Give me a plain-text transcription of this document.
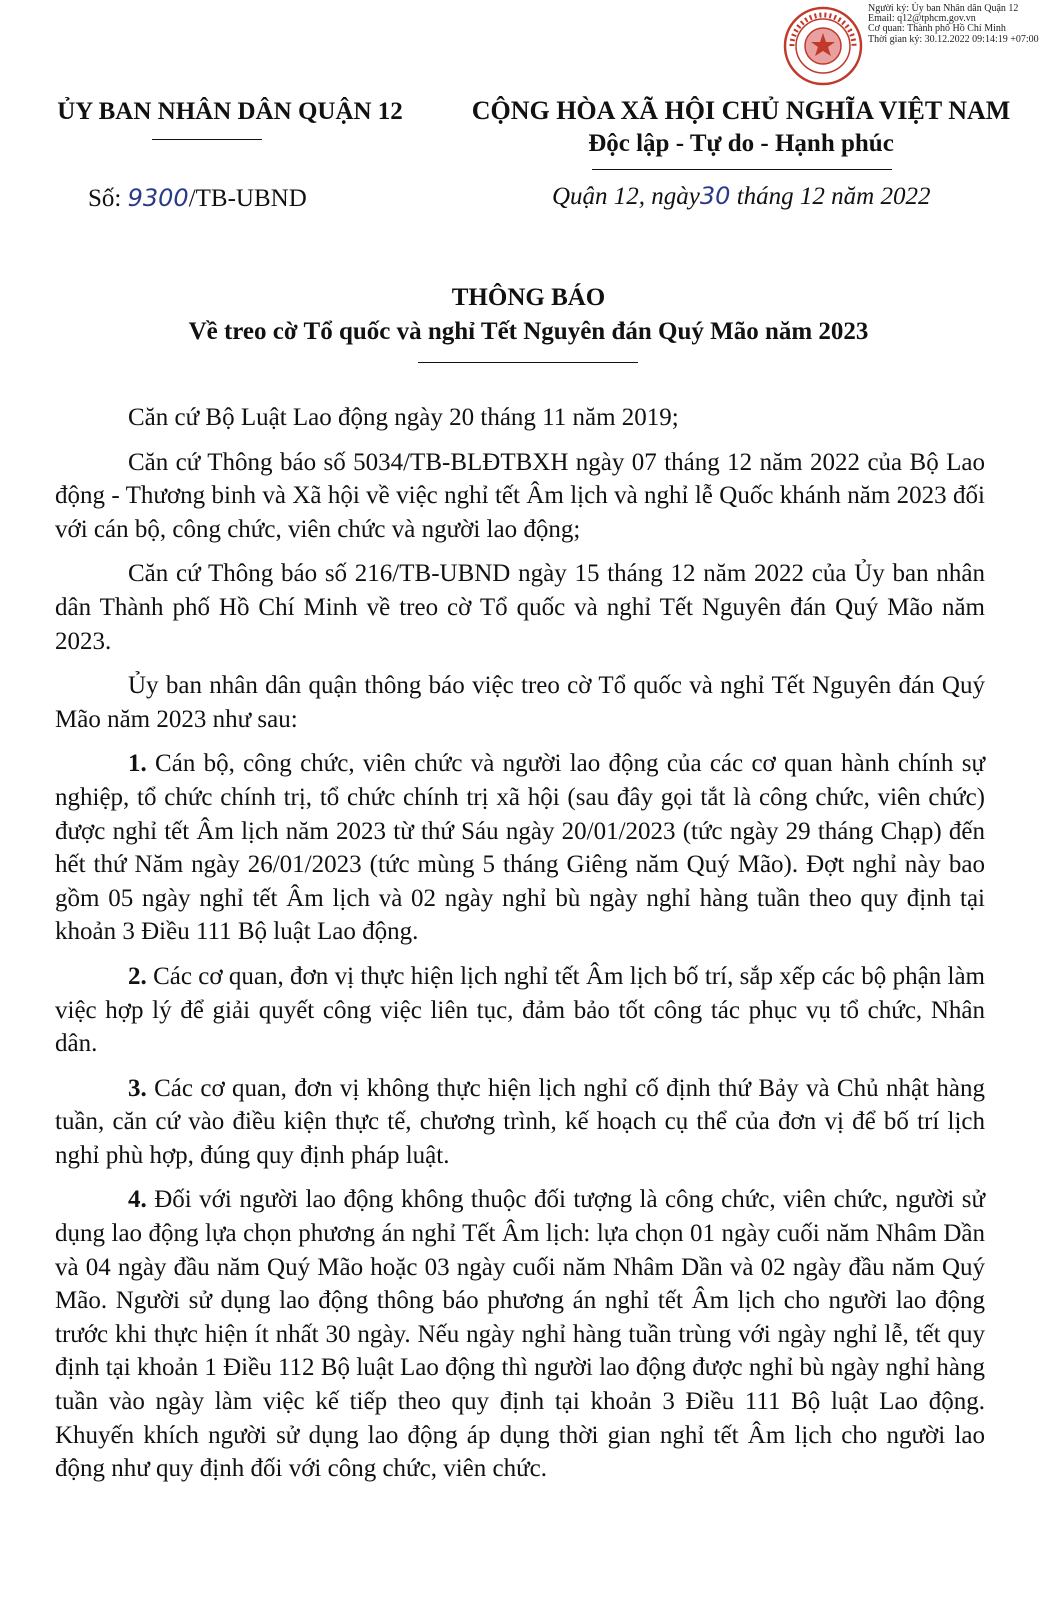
Người ký: Ủy ban Nhân dân Quận 12
Email: q12@tphcm.gov.vn
Cơ quan: Thành phố Hồ Chí Minh
Thời gian ký: 30.12.2022 09:14:19 +07:00
ỦY BAN NHÂN DÂN QUẬN 12	CỘNG HÒA XÃ HỘI CHỦ NGHĨA VIỆT NAM
Độc lập - Tự do - Hạnh phúc
Số: 9300/TB-UBND	Quận 12, ngày30 tháng 12 năm 2022
THÔNG BÁO
Về treo cờ Tổ quốc và nghỉ Tết Nguyên đán Quý Mão năm 2023

Căn cứ Bộ Luật Lao động ngày 20 tháng 11 năm 2019;

Căn cứ Thông báo số 5034/TB-BLĐTBXH ngày 07 tháng 12 năm 2022 của Bộ Lao động - Thương binh và Xã hội về việc nghỉ tết Âm lịch và nghỉ lễ Quốc khánh năm 2023 đối với cán bộ, công chức, viên chức và người lao động;

Căn cứ Thông báo số 216/TB-UBND ngày 15 tháng 12 năm 2022 của Ủy ban nhân dân Thành phố Hồ Chí Minh về treo cờ Tổ quốc và nghỉ Tết Nguyên đán Quý Mão năm 2023.

Ủy ban nhân dân quận thông báo việc treo cờ Tổ quốc và nghỉ Tết Nguyên đán Quý Mão năm 2023 như sau:

1. Cán bộ, công chức, viên chức và người lao động của các cơ quan hành chính sự nghiệp, tổ chức chính trị, tổ chức chính trị xã hội (sau đây gọi tắt là công chức, viên chức) được nghỉ tết Âm lịch năm 2023 từ thứ Sáu ngày 20/01/2023 (tức ngày 29 tháng Chạp) đến hết thứ Năm ngày 26/01/2023 (tức mùng 5 tháng Giêng năm Quý Mão). Đợt nghỉ này bao gồm 05 ngày nghỉ tết Âm lịch và 02 ngày nghỉ bù ngày nghỉ hàng tuần theo quy định tại khoản 3 Điều 111 Bộ luật Lao động.

2. Các cơ quan, đơn vị thực hiện lịch nghỉ tết Âm lịch bố trí, sắp xếp các bộ phận làm việc hợp lý để giải quyết công việc liên tục, đảm bảo tốt công tác phục vụ tổ chức, Nhân dân.

3. Các cơ quan, đơn vị không thực hiện lịch nghỉ cố định thứ Bảy và Chủ nhật hàng tuần, căn cứ vào điều kiện thực tế, chương trình, kế hoạch cụ thể của đơn vị để bố trí lịch nghỉ phù hợp, đúng quy định pháp luật.

4. Đối với người lao động không thuộc đối tượng là công chức, viên chức, người sử dụng lao động lựa chọn phương án nghỉ Tết Âm lịch: lựa chọn 01 ngày cuối năm Nhâm Dần và 04 ngày đầu năm Quý Mão hoặc 03 ngày cuối năm Nhâm Dần và 02 ngày đầu năm Quý Mão. Người sử dụng lao động thông báo phương án nghỉ tết Âm lịch cho người lao động trước khi thực hiện ít nhất 30 ngày. Nếu ngày nghỉ hàng tuần trùng với ngày nghỉ lễ, tết quy định tại khoản 1 Điều 112 Bộ luật Lao động thì người lao động được nghỉ bù ngày nghỉ hàng tuần vào ngày làm việc kế tiếp theo quy định tại khoản 3 Điều 111 Bộ luật Lao động. Khuyến khích người sử dụng lao động áp dụng thời gian nghỉ tết Âm lịch cho người lao động như quy định đối với công chức, viên chức.
